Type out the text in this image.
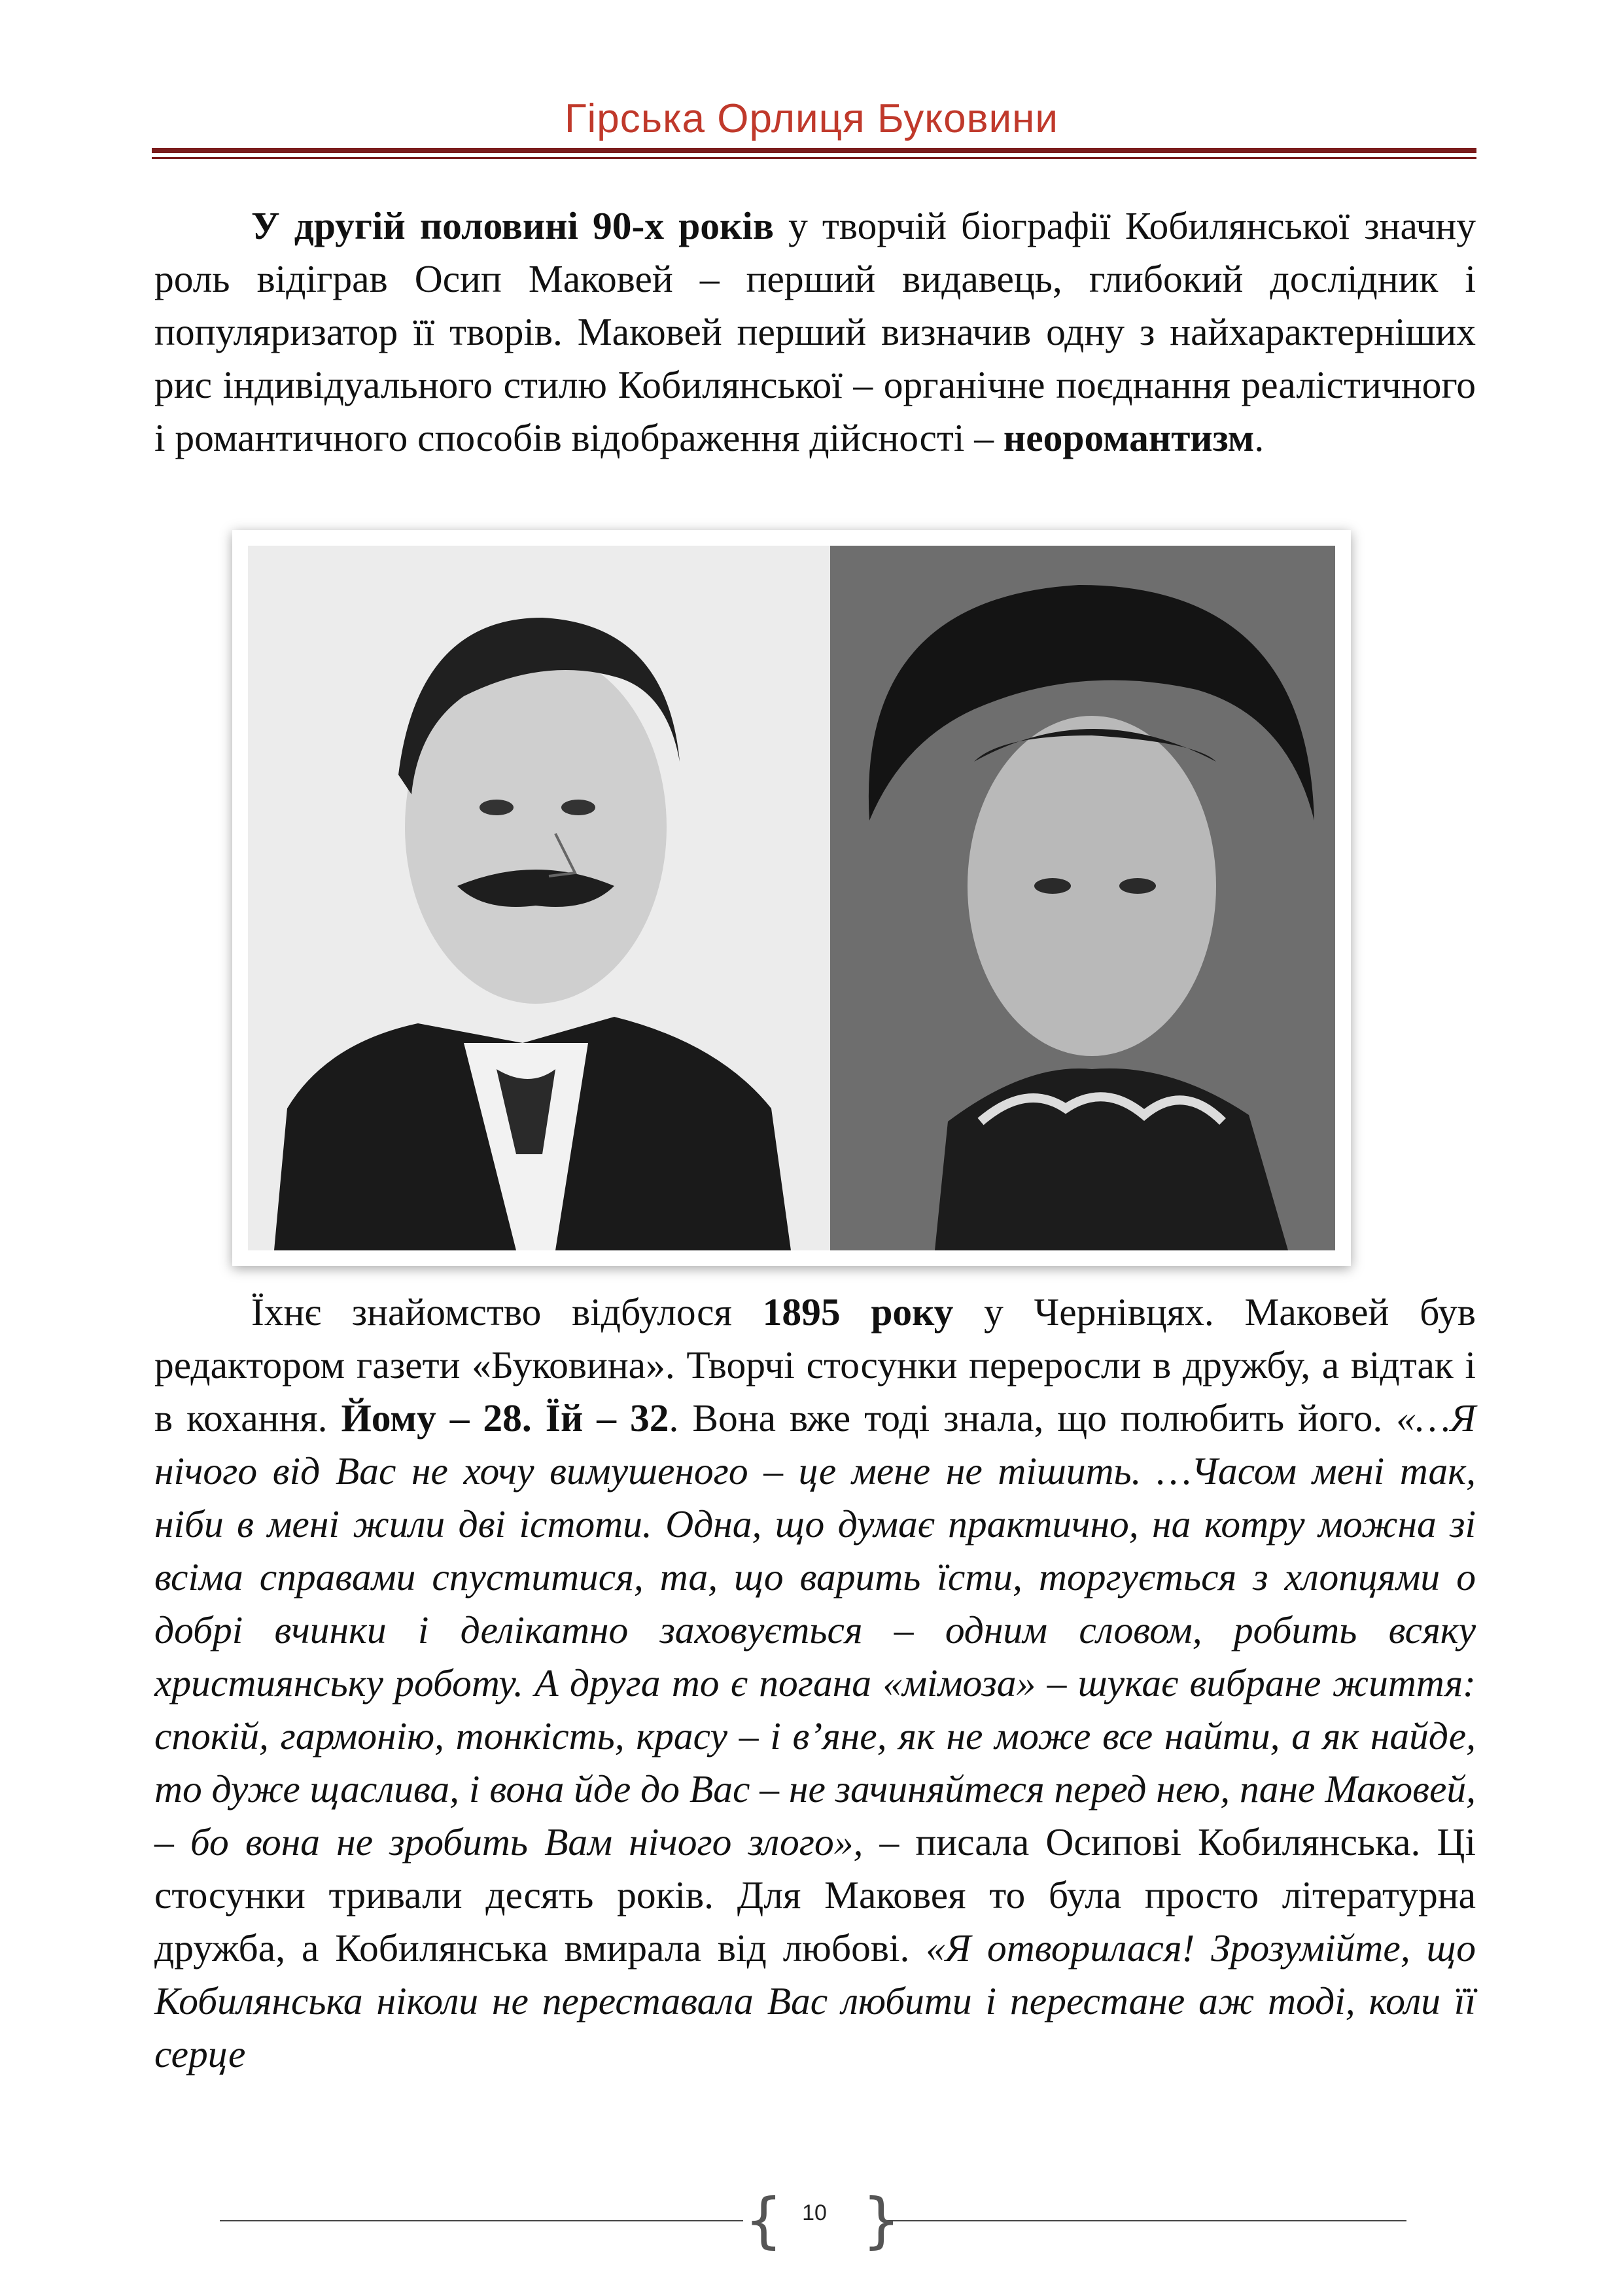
Гірська Орлиця Буковини

У другій половині 90-х років у творчій біографії Кобилянської значну роль відіграв Осип Маковей – перший видавець, глибокий дослідник і популяризатор її творів. Маковей перший визначив одну з найхарактерніших рис індивідуального стилю Кобилянської – органічне поєднання реалістичного і романтичного способів відображення дійсності – неоромантизм.

Їхнє знайомство відбулося 1895 року у Чернівцях. Маковей був редактором газети «Буковина». Творчі стосунки переросли в дружбу, а відтак і в кохання. Йому – 28. Їй – 32. Вона вже тоді знала, що полюбить його. «…Я нічого від Вас не хочу вимушеного – це мене не тішить. …Часом мені так, ніби в мені жили дві істоти. Одна, що думає практично, на котру можна зі всіма справами спуститися, та, що варить їсти, торгується з хлопцями о добрі вчинки і делікатно заховується – одним словом, робить всяку християнську роботу. А друга то є погана «мімоза» – шукає вибране життя: спокій, гармонію, тонкість, красу – і в’яне, як не може все найти, а як найде, то дуже щаслива, і вона йде до Вас – не зачиняйтеся перед нею, пане Маковей, – бо вона не зробить Вам нічого злого», – писала Осипові Кобилянська. Ці стосунки тривали десять років. Для Маковея то була просто літературна дружба, а Кобилянська вмирала від любові. «Я отворилася! Зрозумійте, що Кобилянська ніколи не переставала Вас любити і перестане аж тоді, коли її серце

{ }
10
